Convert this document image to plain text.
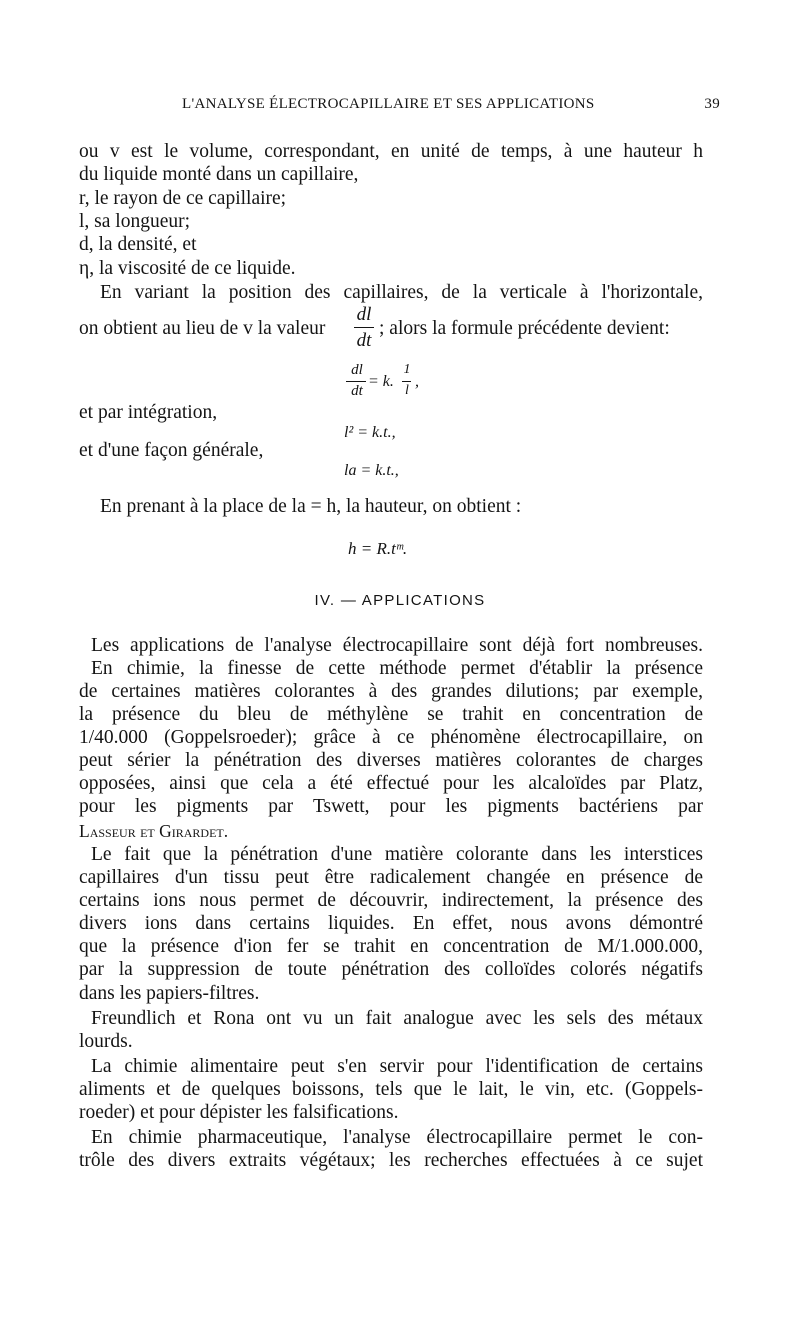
L'ANALYSE ÉLECTROCAPILLAIRE ET SES APPLICATIONS	39
ou v est le volume, correspondant, en unité de temps, à une hauteur h
du liquide monté dans un capillaire,
r, le rayon de ce capillaire;
l, sa longueur;
d, la densité, et
η, la viscosité de ce liquide.
En variant la position des capillaires, de la verticale à l'horizontale,
on obtient au lieu de v la valeur
dl
dt
; alors la formule précédente devient:
dl
dt
= k.
1
l
,
et par intégration,
l² = k.t.,
et d'une façon générale,
la = k.t.,
En prenant à la place de la = h, la hauteur, on obtient :
h = R.tᵐ.
IV. — APPLICATIONS
Les applications de l'analyse électrocapillaire sont déjà fort nombreuses.
En chimie, la finesse de cette méthode permet d'établir la présence
de certaines matières colorantes à des grandes dilutions; par exemple,
la présence du bleu de méthylène se trahit en concentration de
1/40.000 (Goppelsroeder); grâce à ce phénomène électrocapillaire, on
peut sérier la pénétration des diverses matières colorantes de charges
opposées, ainsi que cela a été effectué pour les alcaloïdes par Platz,
pour les pigments par Tswett, pour les pigments bactériens par
Lasseur et Girardet.
Le fait que la pénétration d'une matière colorante dans les interstices
capillaires d'un tissu peut être radicalement changée en présence de
certains ions nous permet de découvrir, indirectement, la présence des
divers ions dans certains liquides. En effet, nous avons démontré
que la présence d'ion fer se trahit en concentration de M/1.000.000,
par la suppression de toute pénétration des colloïdes colorés négatifs
dans les papiers-filtres.
Freundlich et Rona ont vu un fait analogue avec les sels des métaux
lourds.
La chimie alimentaire peut s'en servir pour l'identification de certains
aliments et de quelques boissons, tels que le lait, le vin, etc. (Goppels-
roeder) et pour dépister les falsifications.
En chimie pharmaceutique, l'analyse électrocapillaire permet le con-
trôle des divers extraits végétaux; les recherches effectuées à ce sujet
